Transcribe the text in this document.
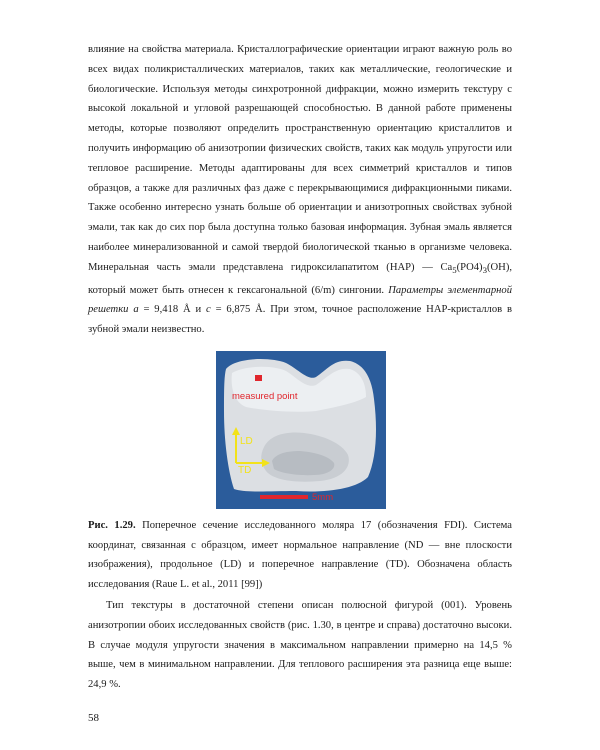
влияние на свойства материала. Кристаллографические ориентации играют важную роль во всех видах поликристаллических материалов, таких как металлические, геологические и биологические. Используя методы синхротронной дифракции, можно измерить текстуру с высокой локальной и угловой разрешающей способностью. В данной работе применены методы, которые позволяют определить пространственную ориентацию кристаллитов и получить информацию об анизотропии физических свойств, таких как модуль упругости или тепловое расширение. Методы адаптированы для всех симметрий кристаллов и типов образцов, а также для различных фаз даже с перекрывающимися дифракционными пиками. Также особенно интересно узнать больше об ориентации и анизотропных свойствах зубной эмали, так как до сих пор была доступна только базовая информация. Зубная эмаль является наиболее минерализованной и самой твердой биологической тканью в организме человека. Минеральная часть эмали представлена гидроксилапатитом (HAP) — $Ca_5(PO4)_3(OH)$, который может быть отнесен к гексагональной (6/m) сингонии. Параметры элементарной решетки a = 9,418 Å и c = 6,875 Å. При этом, точное расположение HAP-кристаллов в зубной эмали неизвестно.

measured point
LD
TD
5mm

Рис. 1.29. Поперечное сечение исследованного моляра 17 (обозначения FDI). Система координат, связанная с образцом, имеет нормальное направление (ND — вне плоскости изображения), продольное (LD) и поперечное направление (TD). Обозначена область исследования (Raue L. et al., 2011 [99])

Тип текстуры в достаточной степени описан полюсной фигурой (001). Уровень анизотропии обоих исследованных свойств (рис. 1.30, в центре и справа) достаточно высоки. В случае модуля упругости значения в максимальном направлении примерно на 14,5 % выше, чем в минимальном направлении. Для теплового расширения эта разница еще выше: 24,9 %.

58
